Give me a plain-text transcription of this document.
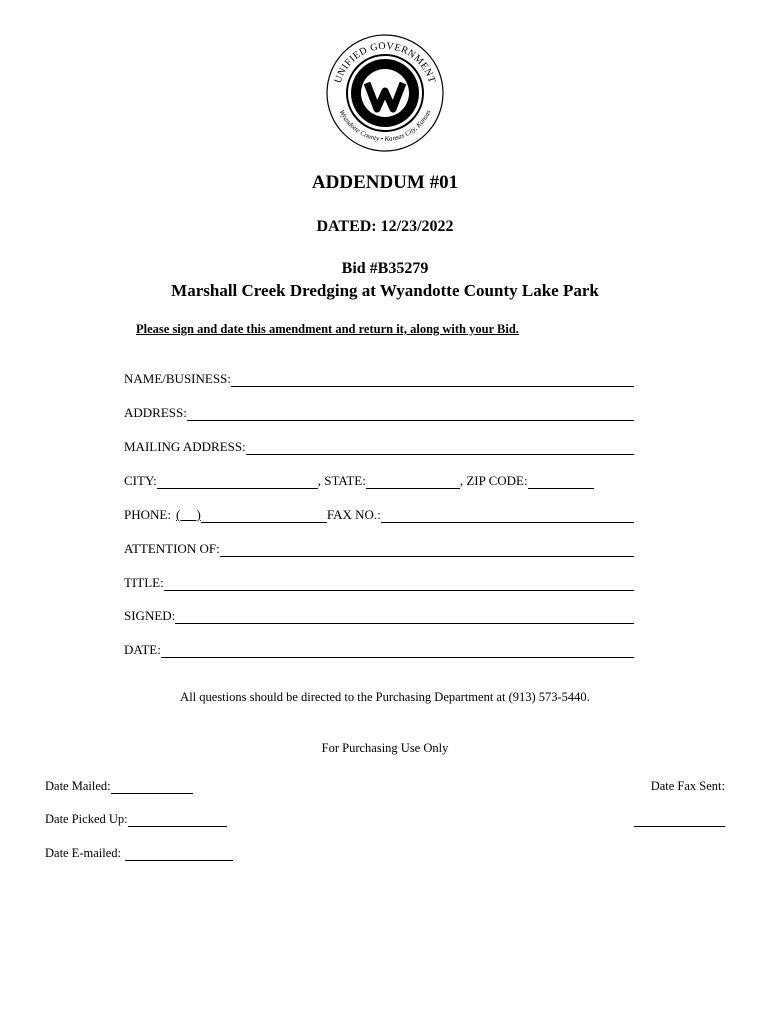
UNIFIED GOVERNMENT
Wyandotte County • Kansas City, Kansas
ADDENDUM #01
DATED: 12/23/2022
Bid #B35279
Marshall Creek Dredging at Wyandotte County Lake Park
Please sign and date this amendment and return it, along with your Bid.
NAME/BUSINESS:
ADDRESS:
MAILING ADDRESS:
CITY:	, STATE:	, ZIP CODE:
PHONE: (     )	FAX NO.:
ATTENTION OF:
TITLE:
SIGNED:
DATE:
All questions should be directed to the Purchasing Department at (913) 573-5440.
For Purchasing Use Only
Date Mailed:	Date Fax Sent:
Date Picked Up:
Date E-mailed:
